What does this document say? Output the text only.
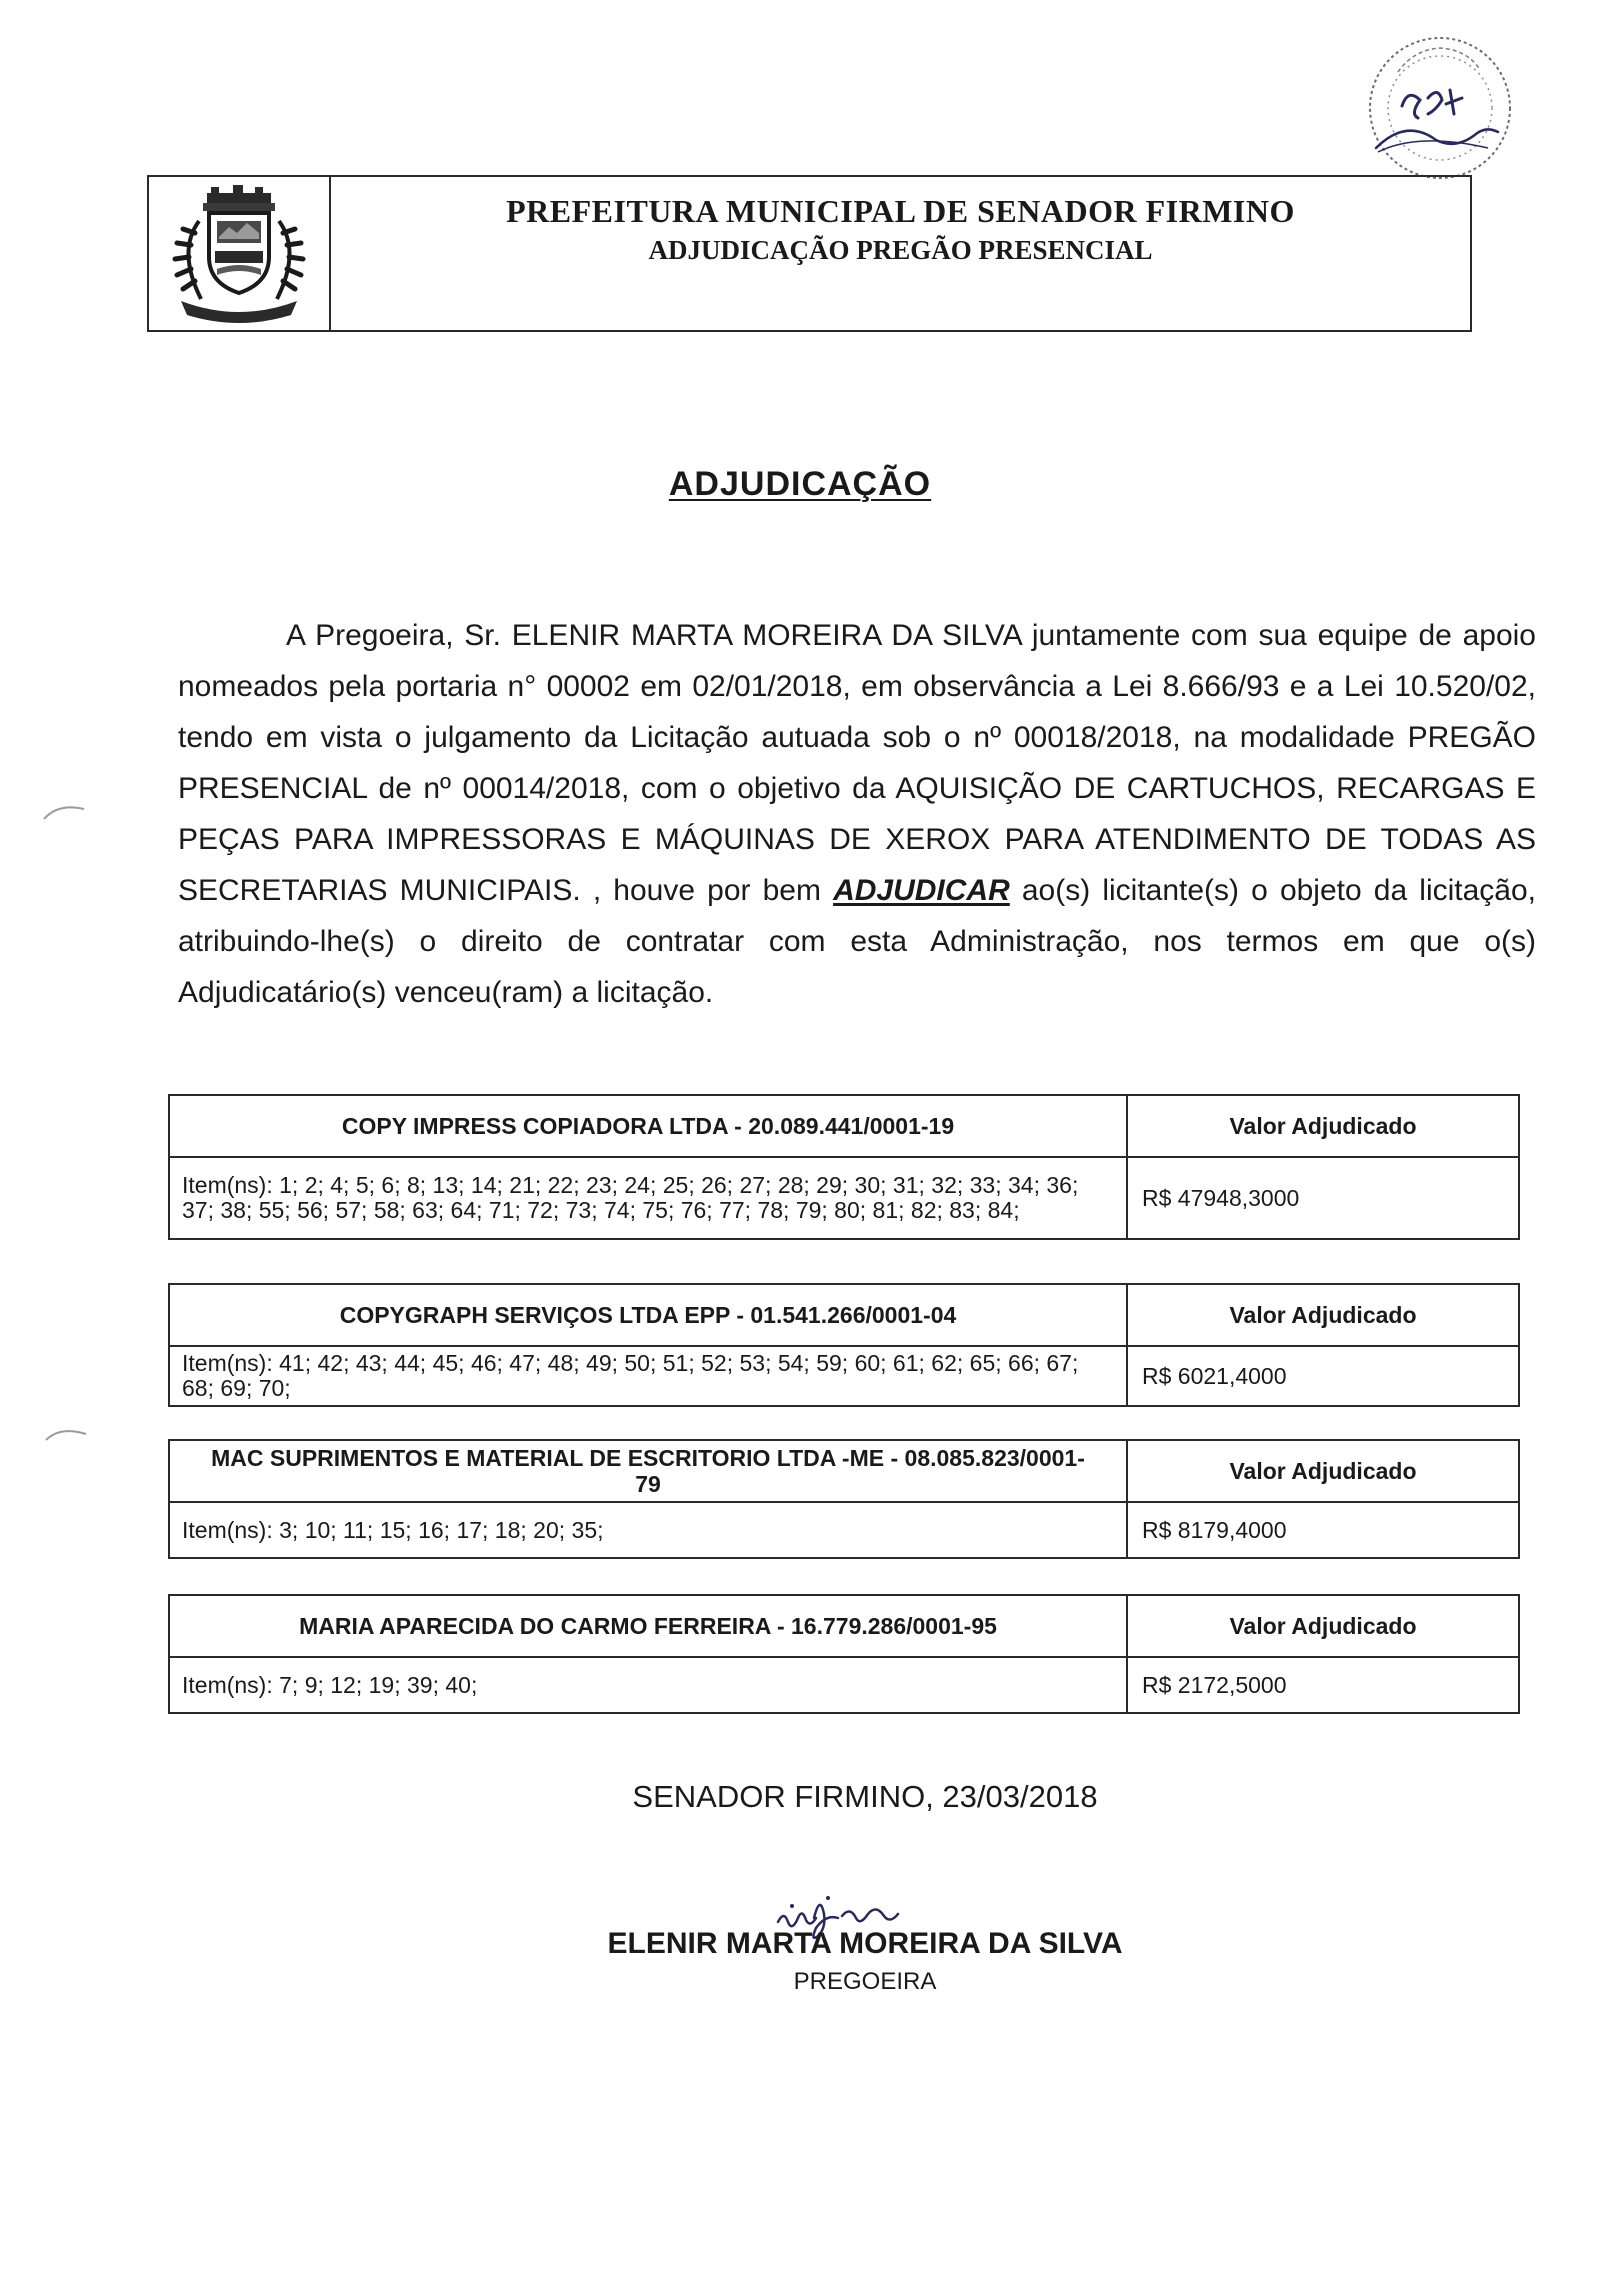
PREFEITURA MUNICIPAL DE SENADOR FIRMINO
ADJUDICAÇÃO PREGÃO PRESENCIAL
ADJUDICAÇÃO

A Pregoeira, Sr. ELENIR MARTA MOREIRA DA SILVA juntamente com sua equipe de apoio nomeados pela portaria n° 00002 em 02/01/2018, em observância a Lei 8.666/93 e a Lei 10.520/02, tendo em vista o julgamento da Licitação autuada sob o nº 00018/2018, na modalidade PREGÃO PRESENCIAL de nº 00014/2018, com o objetivo da AQUISIÇÃO DE CARTUCHOS, RECARGAS E PEÇAS PARA IMPRESSORAS E MÁQUINAS DE XEROX PARA ATENDIMENTO DE TODAS AS SECRETARIAS MUNICIPAIS. , houve por bem ADJUDICAR ao(s) licitante(s) o objeto da licitação, atribuindo-lhe(s) o direito de contratar com esta Administração, nos termos em que o(s) Adjudicatário(s) venceu(ram) a licitação.

COPY IMPRESS COPIADORA LTDA - 20.089.441/0001-19	Valor Adjudicado
Item(ns): 1; 2; 4; 5; 6; 8; 13; 14; 21; 22; 23; 24; 25; 26; 27; 28; 29; 30; 31; 32; 33; 34; 36; 37; 38; 55; 56; 57; 58; 63; 64; 71; 72; 73; 74; 75; 76; 77; 78; 79; 80; 81; 82; 83; 84;	R$ 47948,3000
COPYGRAPH SERVIÇOS LTDA EPP - 01.541.266/0001-04	Valor Adjudicado
Item(ns): 41; 42; 43; 44; 45; 46; 47; 48; 49; 50; 51; 52; 53; 54; 59; 60; 61; 62; 65; 66; 67; 68; 69; 70;	R$ 6021,4000
MAC SUPRIMENTOS E MATERIAL DE ESCRITORIO LTDA -ME - 08.085.823/0001-79	Valor Adjudicado
Item(ns): 3; 10; 11; 15; 16; 17; 18; 20; 35;	R$ 8179,4000
MARIA APARECIDA DO CARMO FERREIRA - 16.779.286/0001-95	Valor Adjudicado
Item(ns): 7; 9; 12; 19; 39; 40;	R$ 2172,5000
SENADOR FIRMINO, 23/03/2018
ELENIR MARTA MOREIRA DA SILVA
PREGOEIRA
